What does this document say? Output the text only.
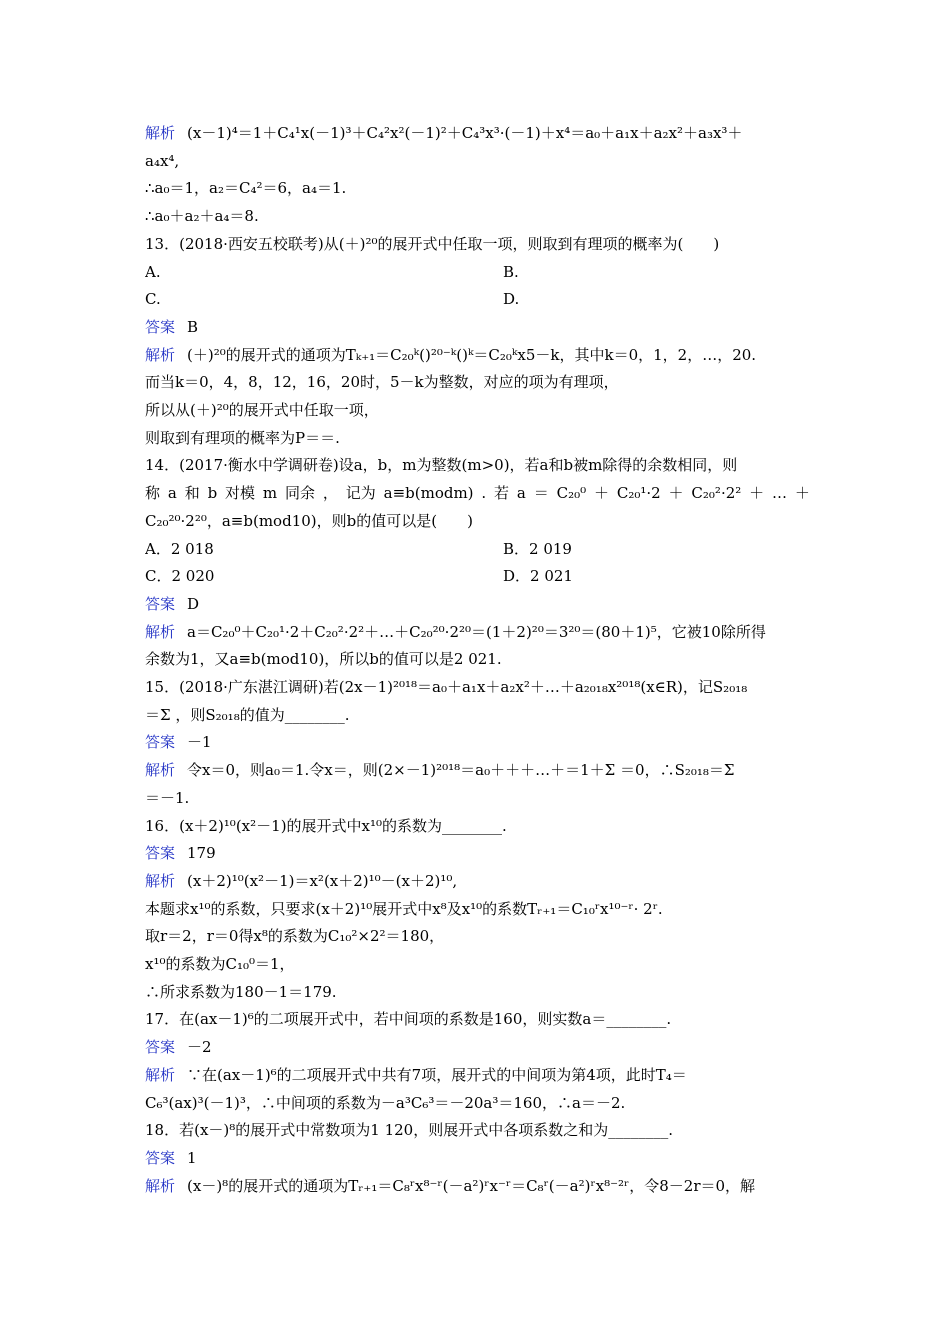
解析 (x－1)⁴＝1＋C₄¹x(－1)³＋C₄²x²(－1)²＋C₄³x³·(－1)＋x⁴＝a₀＋a₁x＋a₂x²＋a₃x³＋
a₄x⁴,
∴a₀＝1，a₂＝C₄²＝6，a₄＝1.
∴a₀＋a₂＋a₄＝8.
13．(2018·西安五校联考)从(＋)²⁰的展开式中任取一项，则取到有理项的概率为(　　)
A.	B.
C.	D.
答案 B
解析 (＋)²⁰的展开式的通项为Tₖ₊₁＝C₂₀ᵏ()²⁰⁻ᵏ()ᵏ＝C₂₀ᵏx5－k，其中k＝0，1，2，…，20.
而当k＝0，4，8，12，16，20时，5－k为整数，对应的项为有理项，
所以从(＋)²⁰的展开式中任取一项，
则取到有理项的概率为P＝＝.
14．(2017·衡水中学调研卷)设a，b，m为整数(m>0)，若a和b被m除得的余数相同，则
称 a 和 b 对模 m 同余 ， 记为 a≡b(modm) . 若 a ＝ C₂₀⁰ ＋ C₂₀¹·2 ＋ C₂₀²·2² ＋ … ＋
C₂₀²⁰·2²⁰，a≡b(mod10)，则b的值可以是(　　)
A．2 018	B．2 019
C．2 020	D．2 021
答案 D
解析 a＝C₂₀⁰＋C₂₀¹·2＋C₂₀²·2²＋…＋C₂₀²⁰·2²⁰＝(1＋2)²⁰＝3²⁰＝(80＋1)⁵，它被10除所得
余数为1，又a≡b(mod10)，所以b的值可以是2 021.
15．(2018·广东湛江调研)若(2x－1)²⁰¹⁸＝a₀＋a₁x＋a₂x²＋…＋a₂₀₁₈x²⁰¹⁸(x∈R)，记S₂₀₁₈
＝Σ ，则S₂₀₁₈的值为________.
答案 －1
解析 令x＝0，则a₀＝1.令x＝，则(2×－1)²⁰¹⁸＝a₀＋＋＋…＋＝1＋Σ ＝0，∴S₂₀₁₈＝Σ
＝－1.
16．(x＋2)¹⁰(x²－1)的展开式中x¹⁰的系数为________.
答案 179
解析 (x＋2)¹⁰(x²－1)＝x²(x＋2)¹⁰－(x＋2)¹⁰,
本题求x¹⁰的系数，只要求(x＋2)¹⁰展开式中x⁸及x¹⁰的系数Tᵣ₊₁＝C₁₀ʳx¹⁰⁻ʳ· 2ʳ.
取r＝2，r＝0得x⁸的系数为C₁₀²×2²＝180，
x¹⁰的系数为C₁₀⁰＝1，
∴所求系数为180－1＝179.
17．在(ax－1)⁶的二项展开式中，若中间项的系数是160，则实数a＝________.
答案 －2
解析 ∵在(ax－1)⁶的二项展开式中共有7项，展开式的中间项为第4项，此时T₄＝
C₆³(ax)³(－1)³，∴中间项的系数为－a³C₆³＝－20a³＝160，∴a＝－2.
18．若(x－)⁸的展开式中常数项为1 120，则展开式中各项系数之和为________.
答案 1
解析 (x－)⁸的展开式的通项为Tᵣ₊₁＝C₈ʳx⁸⁻ʳ(－a²)ʳx⁻ʳ＝C₈ʳ(－a²)ʳx⁸⁻²ʳ，令8－2r＝0，解
